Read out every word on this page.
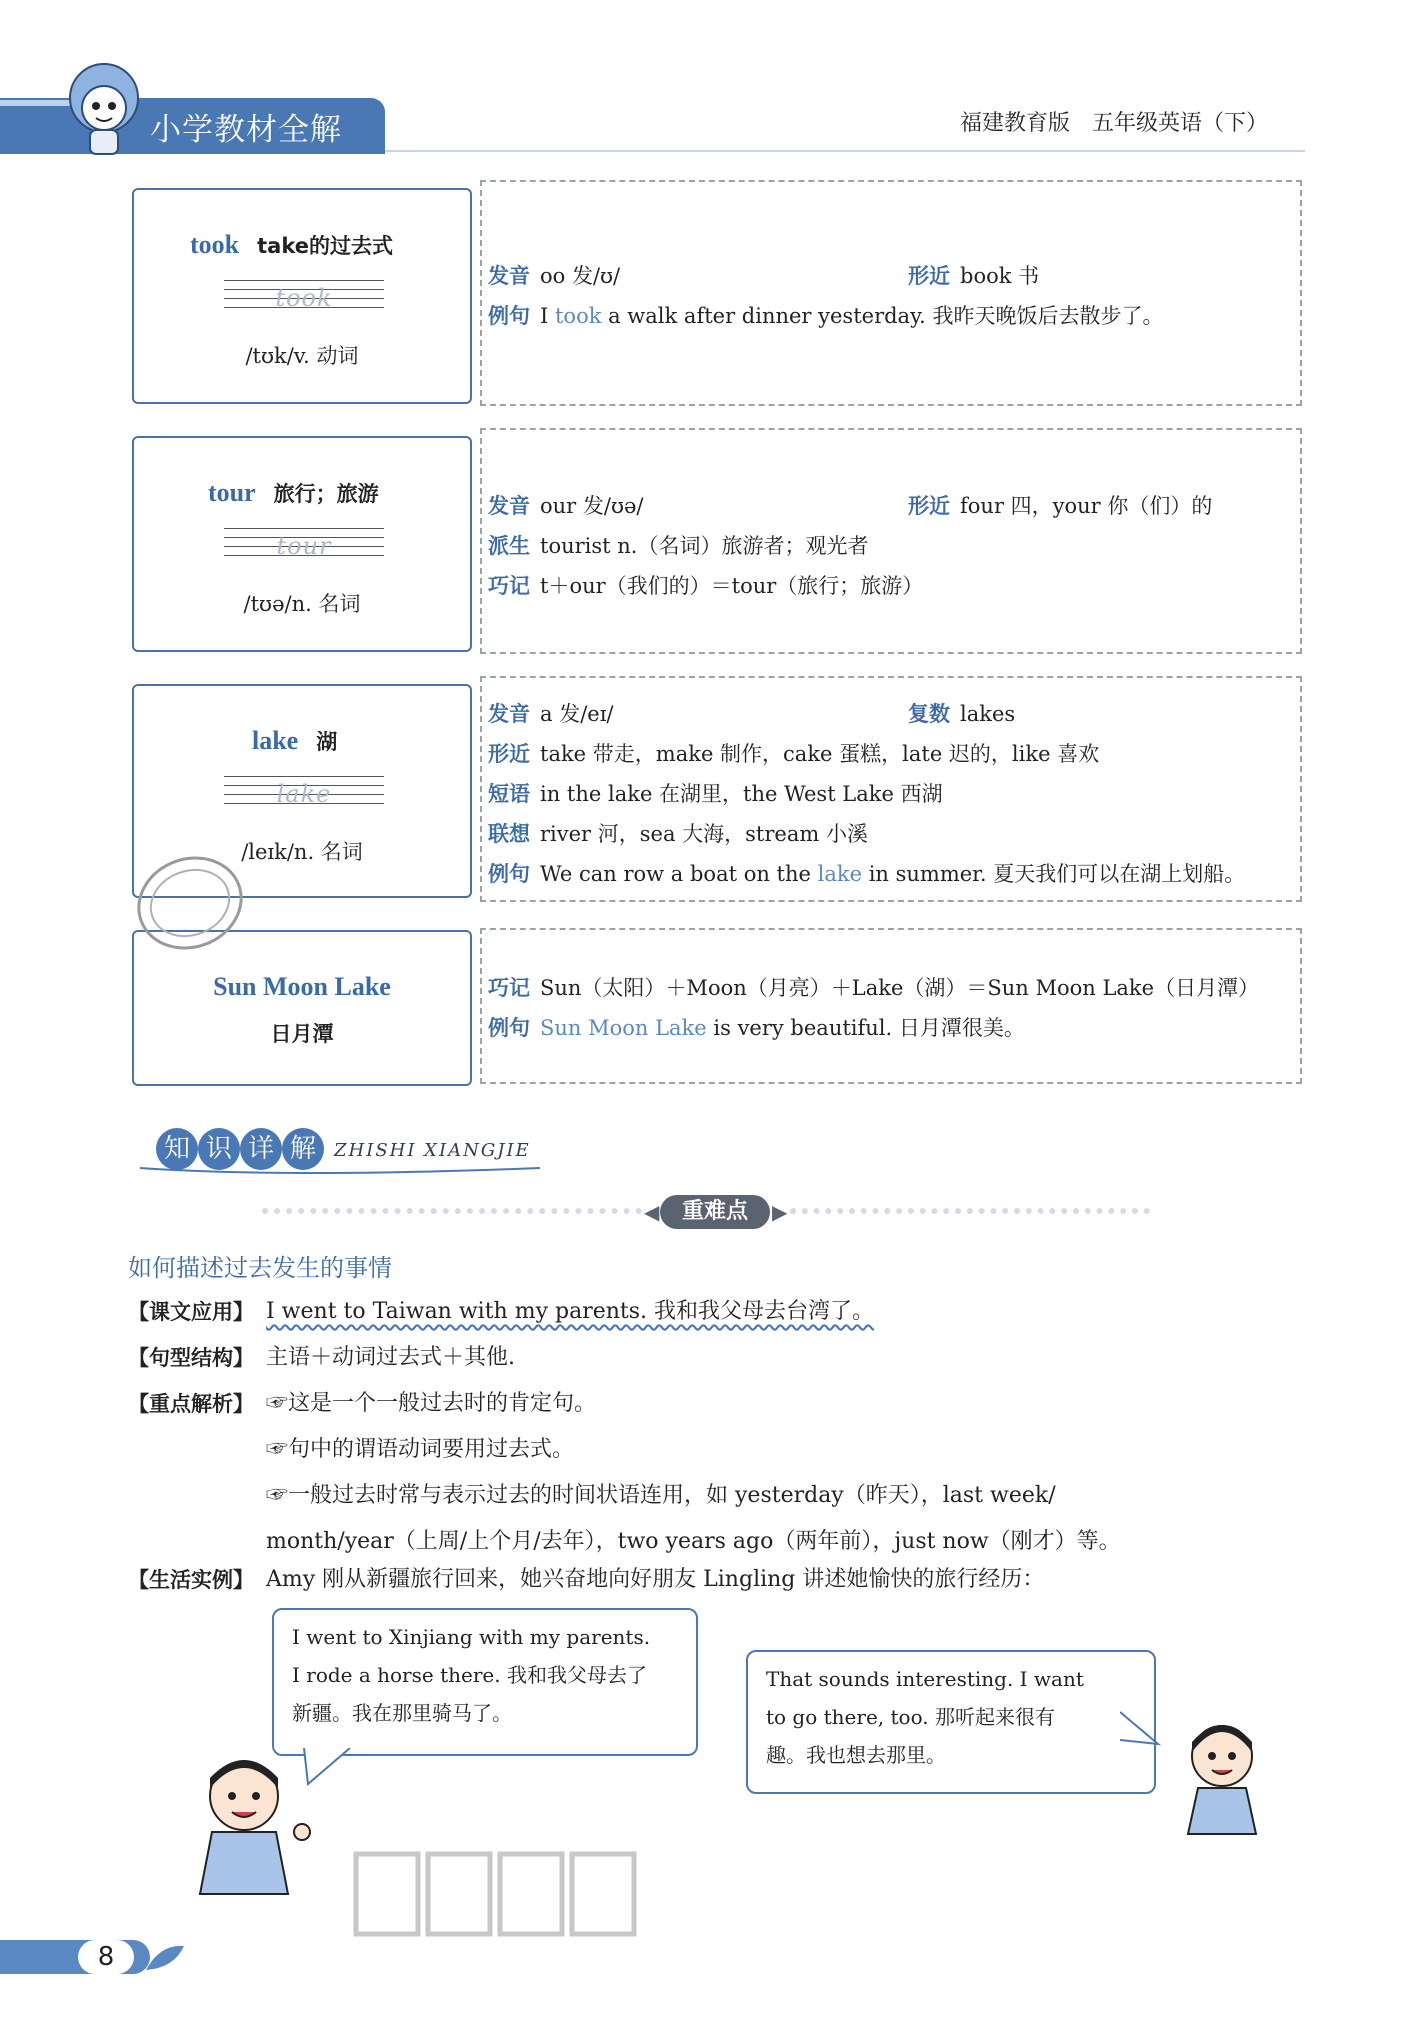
小学教材全解	福建教育版　五年级英语（下）
took take的过去式
took
/tʊk/v. 动词
发音 oo 发/ʊ/	形近 book 书
例句 I took a walk after dinner yesterday. 我昨天晚饭后去散步了。
tour 旅行；旅游
tour
/tʊə/n. 名词
发音 our 发/ʊə/	形近 four 四，your 你（们）的
派生 tourist n.（名词）旅游者；观光者
巧记 t＋our（我们的）＝tour（旅行；旅游）
lake 湖
lake
/leɪk/n. 名词
发音 a 发/eɪ/	复数 lakes
形近 take 带走，make 制作，cake 蛋糕，late 迟的，like 喜欢
短语 in the lake 在湖里，the West Lake 西湖
联想 river 河，sea 大海，stream 小溪
例句 We can row a boat on the lake in summer. 夏天我们可以在湖上划船。
Sun Moon Lake
日月潭
巧记 Sun（太阳）＋Moon（月亮）＋Lake（湖）＝Sun Moon Lake（日月潭）
例句 Sun Moon Lake is very beautiful. 日月潭很美。
知 识 详 解	ZHISHI XIANGJIE
◀	▶
重难点
如何描述过去发生的事情
【课文应用】 I went to Taiwan with my parents. 我和我父母去台湾了。
【句型结构】 主语＋动词过去式＋其他.
【重点解析】 ☞这是一个一般过去时的肯定句。
☞句中的谓语动词要用过去式。
☞一般过去时常与表示过去的时间状语连用，如 yesterday（昨天），last week/
month/year（上周/上个月/去年），two years ago（两年前），just now（刚才）等。
【生活实例】 Amy 刚从新疆旅行回来，她兴奋地向好朋友 Lingling 讲述她愉快的旅行经历：
I went to Xinjiang with my parents.
I rode a horse there. 我和我父母去了
新疆。我在那里骑马了。
That sounds interesting. I want
to go there, too. 那听起来很有
趣。我也想去那里。
8
